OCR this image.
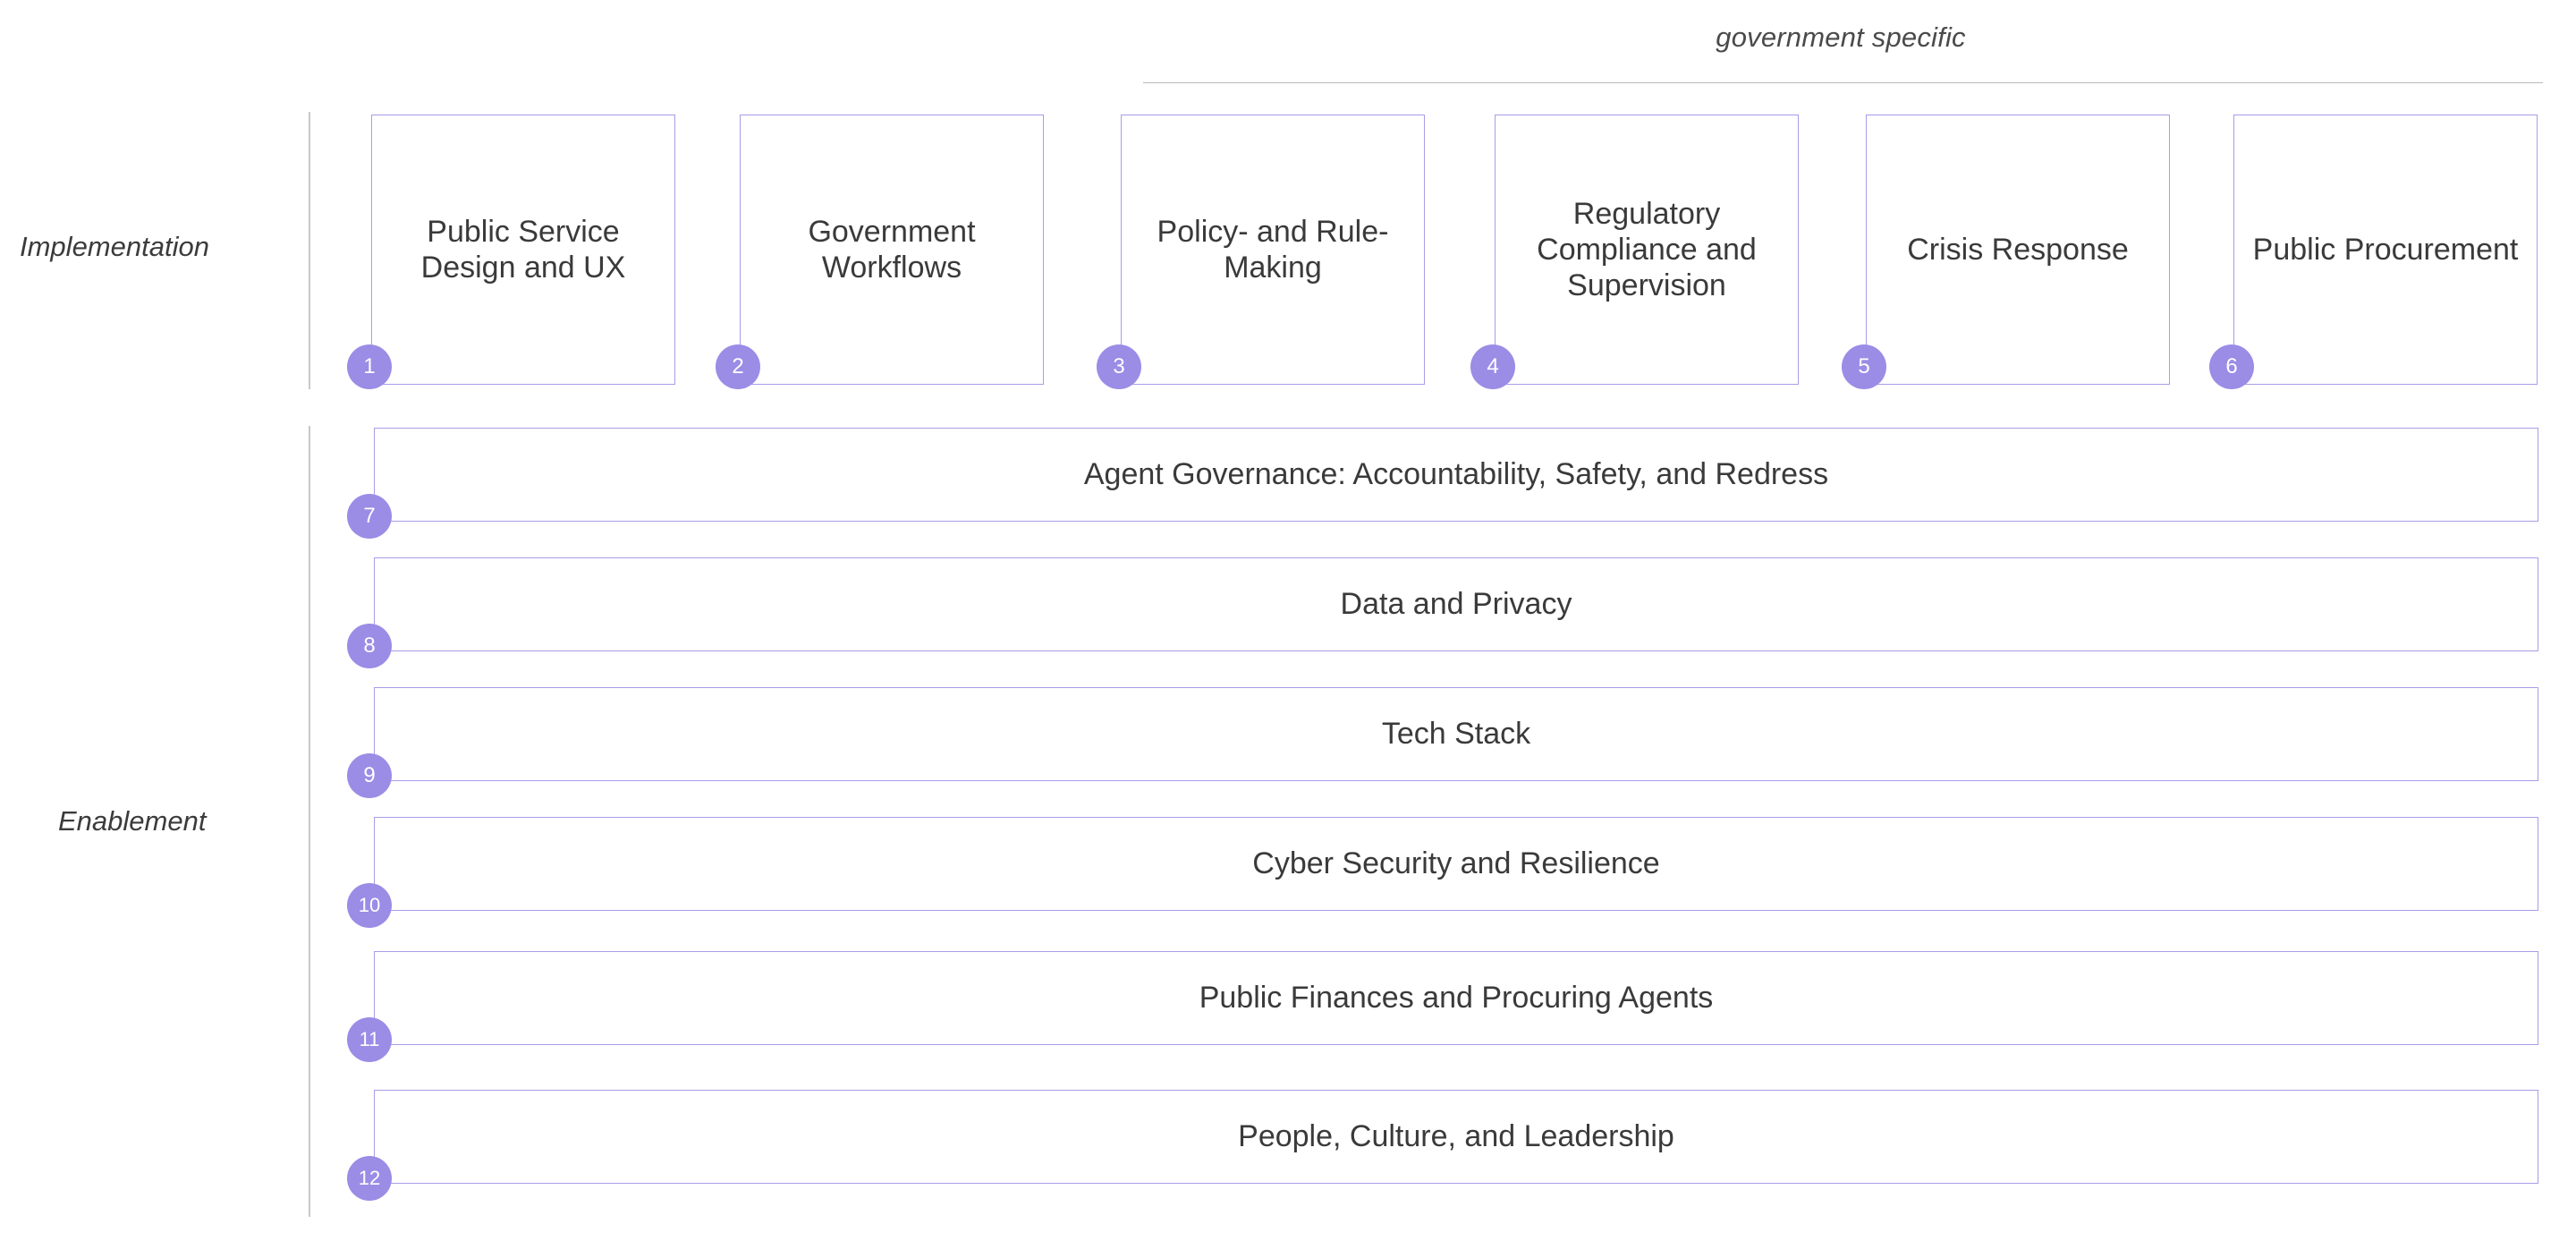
government specific
Implementation
Enablement
Public Service Design and UX
1
Government Workflows
2
Policy- and Rule-Making
3
Regulatory Compliance and Supervision
4
Crisis Response
5
Public Procurement
6
Agent Governance: Accountability, Safety, and Redress
7
Data and Privacy
8
Tech Stack
9
Cyber Security and Resilience
10
Public Finances and Procuring Agents
11
People, Culture, and Leadership
12
